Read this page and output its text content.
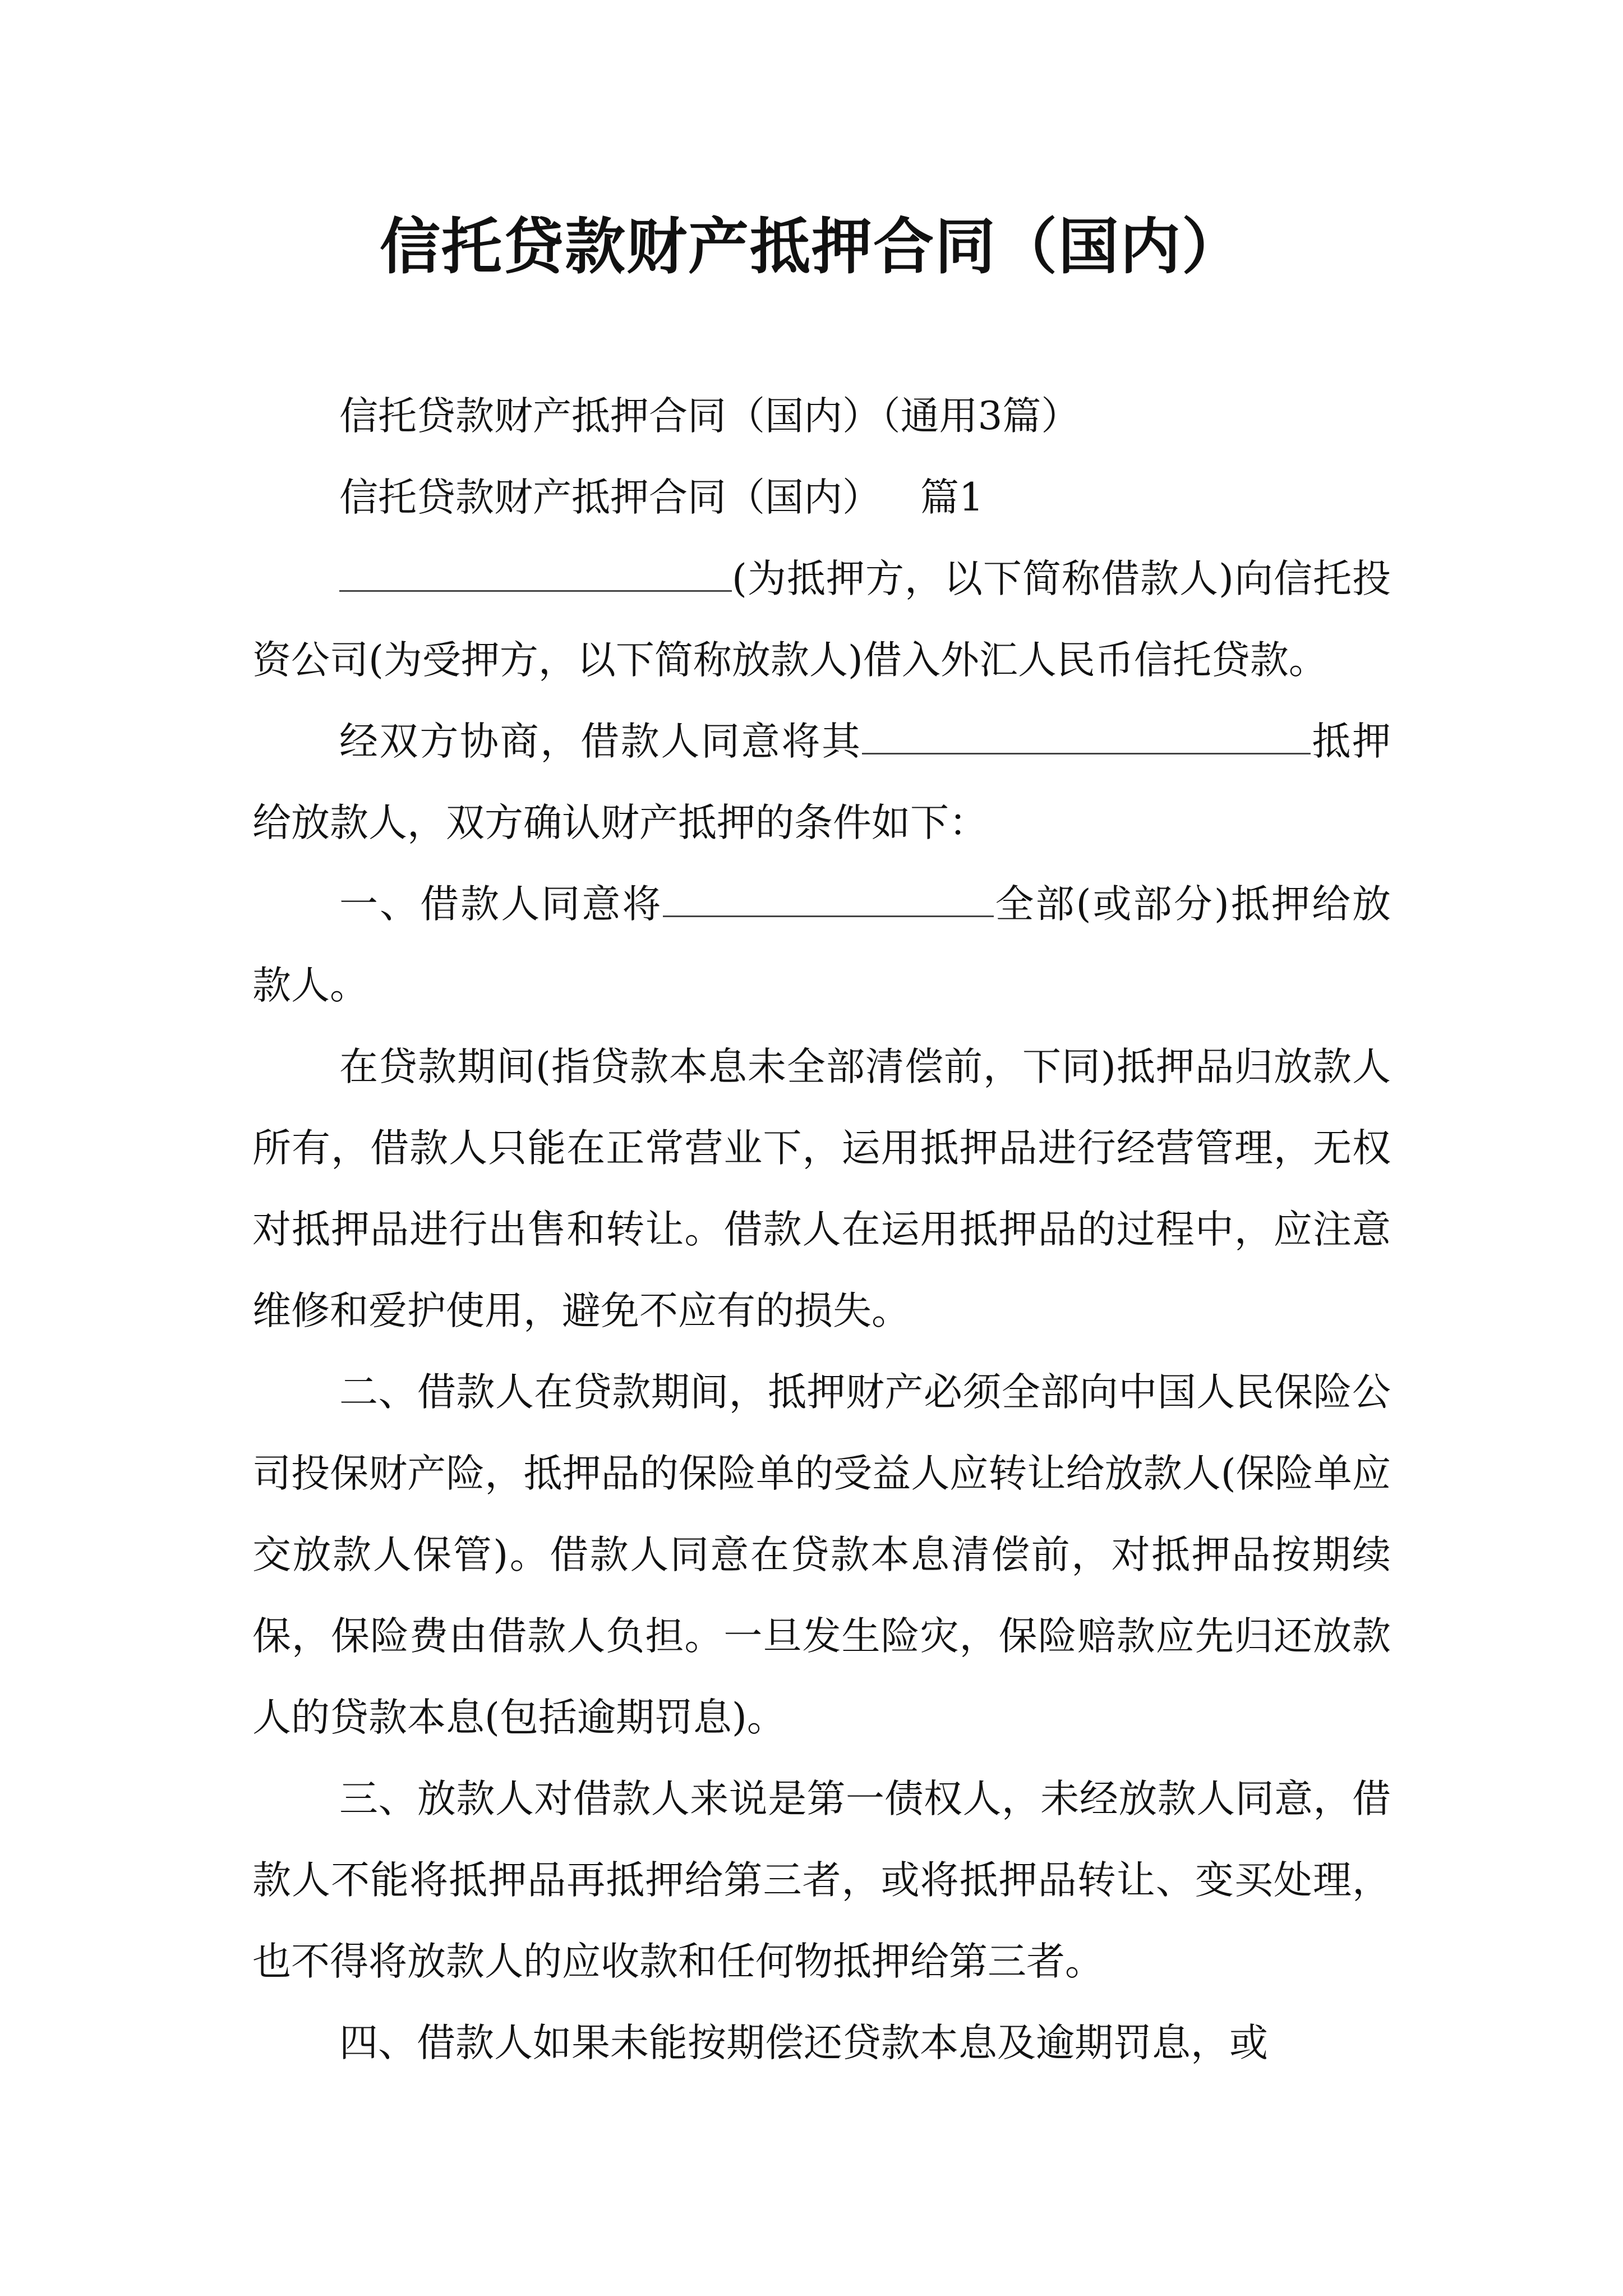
信托贷款财产抵押合同（国内）

信托贷款财产抵押合同（国内）（通用3篇）

信托贷款财产抵押合同（国内） 篇1

(为抵押方，以下简称借款人)向信托投资公司(为受押方，以下简称放款人)借入外汇人民币信托贷款。

经双方协商，借款人同意将其	抵押给放款人，双方确认财产抵押的条件如下：

一、借款人同意将	全部(或部分)抵押给放款人。

在贷款期间(指贷款本息未全部清偿前，下同)抵押品归放款人所有，借款人只能在正常营业下，运用抵押品进行经营管理，无权对抵押品进行出售和转让。借款人在运用抵押品的过程中，应注意维修和爱护使用，避免不应有的损失。

二、借款人在贷款期间，抵押财产必须全部向中国人民保险公司投保财产险，抵押品的保险单的受益人应转让给放款人(保险单应交放款人保管)。借款人同意在贷款本息清偿前，对抵押品按期续保，保险费由借款人负担。一旦发生险灾，保险赔款应先归还放款人的贷款本息(包括逾期罚息)。

三、放款人对借款人来说是第一债权人，未经放款人同意，借款人不能将抵押品再抵押给第三者，或将抵押品转让、变买处理，也不得将放款人的应收款和任何物抵押给第三者。

四、借款人如果未能按期偿还贷款本息及逾期罚息，或
